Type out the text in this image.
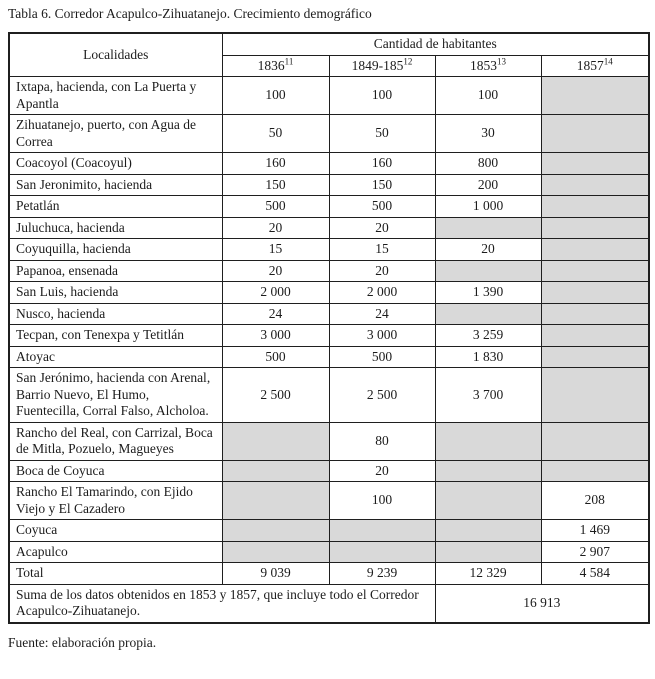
Tabla 6. Corredor Acapulco-Zihuatanejo. Crecimiento demográfico

Localidades	Cantidad de habitantes			
	1836$^{11}$	$1849-185^{12}$	1853$^{13}$	1857$^{14}$
Ixtapa, hacienda, con La Puerta y Apantla	100	100	100	
Zihuatanejo, puerto, con Agua de Correa	50	50	30	
Coacoyol (Coacoyul)	160	160	800	
San Jeronimito, hacienda	150	150	200	
Petatlán	500	500	1 000	
Juluchuca, hacienda	20	20		
Coyuquilla, hacienda	15	15	20	
Papanoa, ensenada	20	20		
San Luis, hacienda	2 000	2 000	1 390	
Nusco, hacienda	24	24		
Tecpan, con Tenexpa y Tetitlán	3 000	3 000	3 259	
Atoyac	500	500	1 830	
San Jerónimo, hacienda con Arenal, Barrio Nuevo, El Humo, Fuentecilla, Corral Falso, Alcholoa.	2 500	2 500	3 700	
Rancho del Real, con Carrizal, Boca de Mitla, Pozuelo, Magueyes		80		
Boca de Coyuca		20		
Rancho El Tamarindo, con Ejido Viejo y El Cazadero		100		208
Coyuca				1 469
Acapulco				2 907
Total	9 039	9 239	12 329	4 584
Suma de los datos obtenidos en 1853 y 1857, que incluye todo el Corredor Acapulco-Zihuatanejo.			16 913	

Fuente: elaboración propia.
